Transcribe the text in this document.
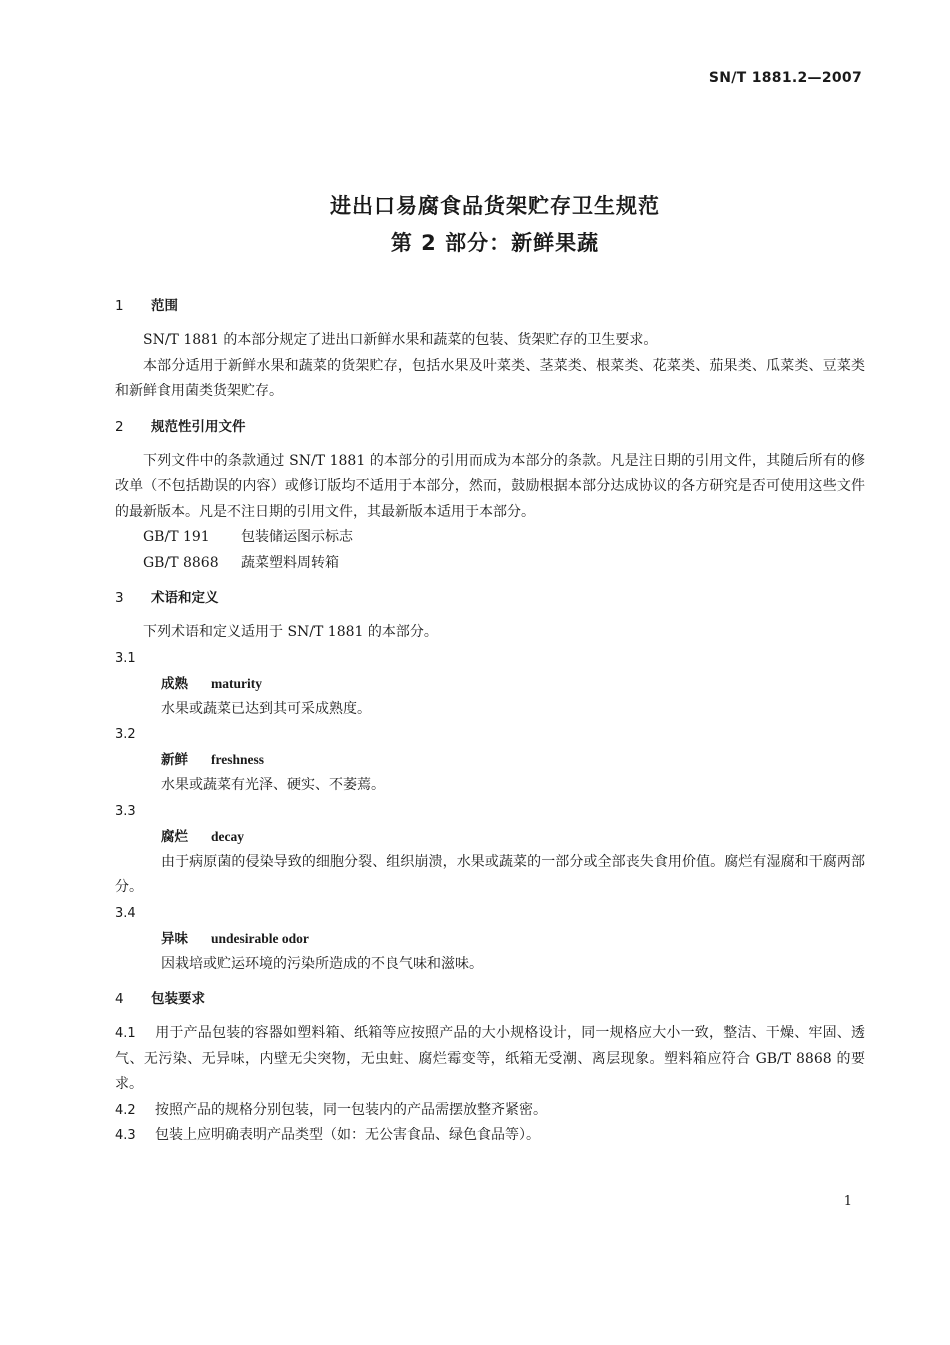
SN/T 1881.2—2007
进出口易腐食品货架贮存卫生规范
第 2 部分：新鲜果蔬
1 范围
SN/T 1881 的本部分规定了进出口新鲜水果和蔬菜的包装、货架贮存的卫生要求。
本部分适用于新鲜水果和蔬菜的货架贮存，包括水果及叶菜类、茎菜类、根菜类、花菜类、茄果类、瓜菜类、豆菜类和新鲜食用菌类货架贮存。
2 规范性引用文件
下列文件中的条款通过 SN/T 1881 的本部分的引用而成为本部分的条款。凡是注日期的引用文件，其随后所有的修改单（不包括勘误的内容）或修订版均不适用于本部分，然而，鼓励根据本部分达成协议的各方研究是否可使用这些文件的最新版本。凡是不注日期的引用文件，其最新版本适用于本部分。
GB/T 191 包装储运图示标志
GB/T 8868 蔬菜塑料周转箱
3 术语和定义
下列术语和定义适用于 SN/T 1881 的本部分。
3.1
成熟 maturity
水果或蔬菜已达到其可采成熟度。
3.2
新鲜 freshness
水果或蔬菜有光泽、硬实、不萎蔫。
3.3
腐烂 decay
由于病原菌的侵染导致的细胞分裂、组织崩溃，水果或蔬菜的一部分或全部丧失食用价值。腐烂有湿腐和干腐两部分。
3.4
异味 undesirable odor
因栽培或贮运环境的污染所造成的不良气味和滋味。
4 包装要求
4.1 用于产品包装的容器如塑料箱、纸箱等应按照产品的大小规格设计，同一规格应大小一致，整洁、干燥、牢固、透气、无污染、无异味，内壁无尖突物，无虫蛀、腐烂霉变等，纸箱无受潮、离层现象。塑料箱应符合 GB/T 8868 的要求。
4.2 按照产品的规格分别包装，同一包装内的产品需摆放整齐紧密。
4.3 包装上应明确表明产品类型（如：无公害食品、绿色食品等）。
1
